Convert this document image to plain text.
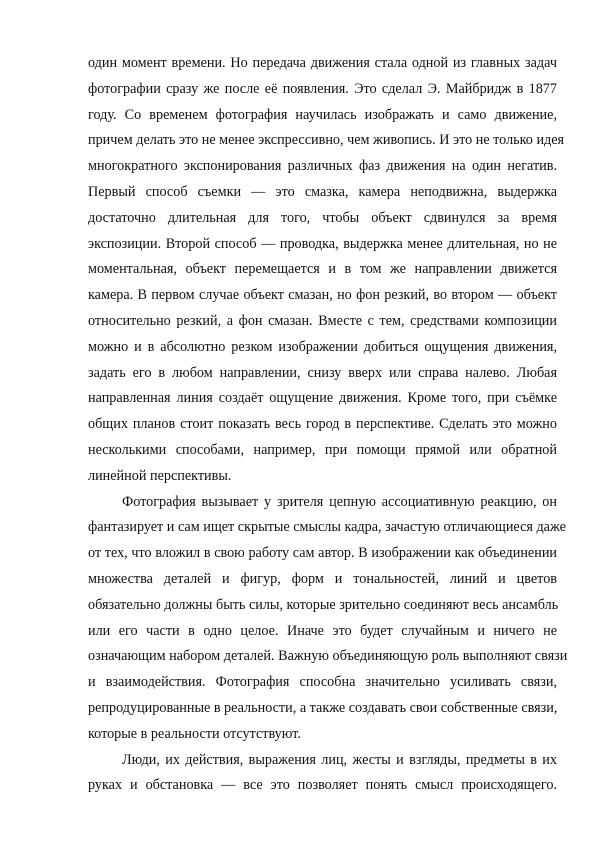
один момент времени. Но передача движения стала одной из главных задач
фотографии сразу же после её появления. Это сделал Э. Майбридж в 1877
году. Со временем фотография научилась изображать и само движение,
причем делать это не менее экспрессивно, чем живопись. И это не только идея
многократного экспонирования различных фаз движения на один негатив.
Первый способ съемки — это смазка, камера неподвижна, выдержка
достаточно длительная для того, чтобы объект сдвинулся за время
экспозиции. Второй способ — проводка, выдержка менее длительная, но не
моментальная, объект перемещается и в том же направлении движется
камера. В первом случае объект смазан, но фон резкий, во втором — объект
относительно резкий, а фон смазан. Вместе с тем, средствами композиции
можно и в абсолютно резком изображении добиться ощущения движения,
задать его в любом направлении, снизу вверх или справа налево. Любая
направленная линия создаёт ощущение движения. Кроме того, при съёмке
общих планов стоит показать весь город в перспективе. Сделать это можно
несколькими способами, например, при помощи прямой или обратной
линейной перспективы.
Фотография вызывает у зрителя цепную ассоциативную реакцию, он
фантазирует и сам ищет скрытые смыслы кадра, зачастую отличающиеся даже
от тех, что вложил в свою работу сам автор. В изображении как объединении
множества деталей и фигур, форм и тональностей, линий и цветов
обязательно должны быть силы, которые зрительно соединяют весь ансамбль
или его части в одно целое. Иначе это будет случайным и ничего не
означающим набором деталей. Важную объединяющую роль выполняют связи
и взаимодействия. Фотография способна значительно усиливать связи,
репродуцированные в реальности, а также создавать свои собственные связи,
которые в реальности отсутствуют.
Люди, их действия, выражения лиц, жесты и взгляды, предметы в их
руках и обстановка — все это позволяет понять смысл происходящего.
